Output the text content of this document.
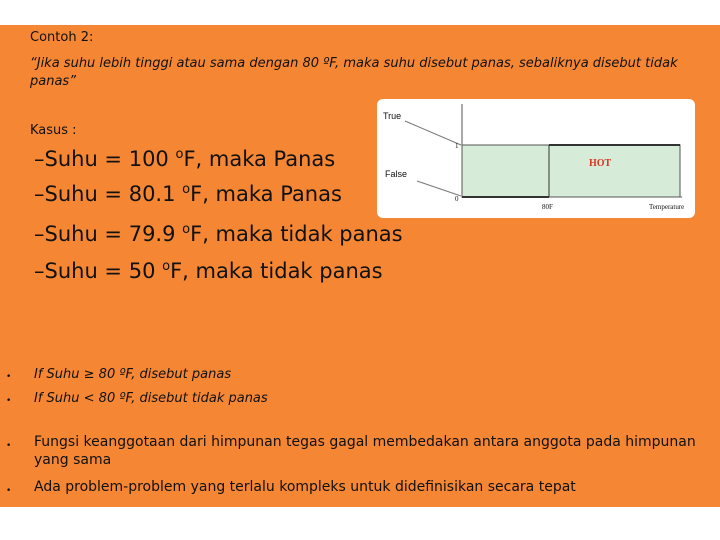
Contoh 2:
“Jika suhu lebih tinggi atau sama dengan 80 ºF, maka suhu disebut panas, sebaliknya disebut tidak panas”
Kasus :
–Suhu = 100 $^o$F, maka Panas
–Suhu = 80.1 $^o$F, maka Panas
–Suhu = 79.9 $^o$F, maka tidak panas
–Suhu = 50 $^o$F, maka tidak panas
• If Suhu ≥ 80 ºF, disebut panas
• If Suhu < 80 ºF, disebut tidak panas
• Fungsi keanggotaan dari himpunan tegas gagal membedakan antara anggota pada himpunan
yang sama
• Ada problem-problem yang terlalu kompleks untuk didefinisikan secara tepat
True
False
1
0
HOT
80F	Temperature
